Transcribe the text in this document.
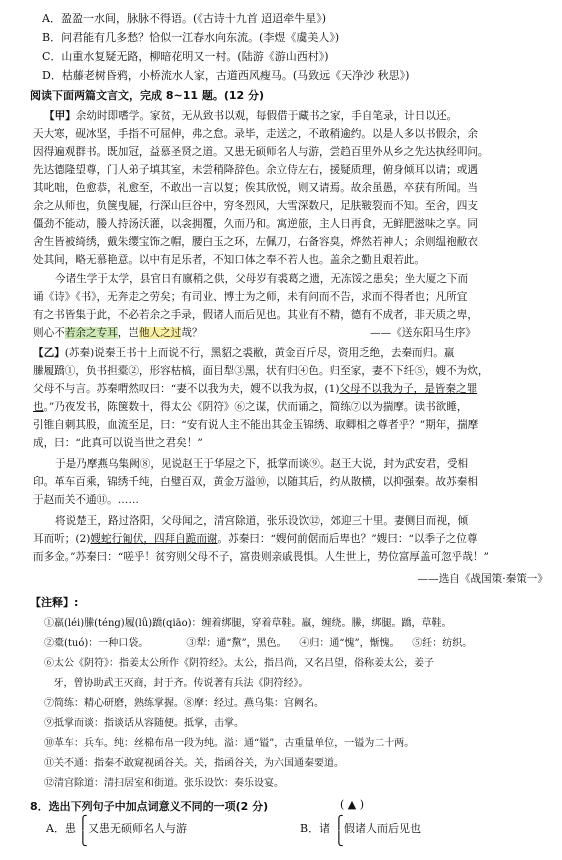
A．盈盈一水间，脉脉不得语。(《古诗十九首 迢迢牵牛星》)
B．问君能有几多愁？恰似一江春水向东流。(李煜《虞美人》)
C．山重水复疑无路，柳暗花明又一村。(陆游《游山西村》)
D．枯藤老树昏鸦，小桥流水人家，古道西风瘦马。(马致远《天净沙 秋思》)
阅读下面两篇文言文，完成 8~11 题。(12 分)
【甲】余幼时即嗜学。家贫，无从致书以观，每假借于藏书之家，手自笔录，计日以还。
天大寒，砚冰坚，手指不可屈伸，弗之怠。录毕，走送之，不敢稍逾约。以是人多以书假余，余
因得遍观群书。既加冠，益慕圣贤之道。又患无硕师名人与游，尝趋百里外从乡之先达执经叩问。
先达德隆望尊，门人弟子填其室，未尝稍降辞色。余立侍左右，援疑质理，俯身倾耳以请；或遇
其叱咄，色愈恭，礼愈至，不敢出一言以复；俟其欣悦，则又请焉。故余虽愚，卒获有所闻。当
余之从师也，负箧曳屣，行深山巨谷中，穷冬烈风，大雪深数尺，足肤皲裂而不知。至舍，四支
僵劲不能动，媵人持汤沃灌，以衾拥覆，久而乃和。寓逆旅，主人日再食，无鲜肥滋味之享。同
舍生皆被绮绣，戴朱缨宝饰之帽，腰白玉之环，左佩刀，右备容臭，烨然若神人；余则缊袍敝衣
处其间，略无慕艳意。以中有足乐者，不知口体之奉不若人也。盖余之勤且艰若此。
今诸生学于太学，县官日有廪稍之供，父母岁有裘葛之遗，无冻馁之患矣；坐大厦之下而
诵《诗》《书》，无奔走之劳矣；有司业、博士为之师，未有问而不告，求而不得者也；凡所宜
有之书皆集于此，不必若余之手录，假诸人而后见也。其业有不精，德有不成者，非天质之卑，
则心不若余之专耳，岂他人之过哉？	——《送东阳马生序》
【乙】(苏秦)说秦王书十上而说不行，黑貂之裘敝，黄金百斤尽，资用乏绝，去秦而归。羸
縢履蹻①，负书担橐②，形容枯槁，面目犁③黑，状有归④色。归至家，妻不下纴⑤，嫂不为炊，
父母不与言。苏秦喟然叹曰：“妻不以我为夫，嫂不以我为叔，(1)父母不以我为子，是皆秦之罪
也。”乃夜发书，陈箧数十，得太公《阴符》⑥之谋，伏而诵之，简练⑦以为揣摩。读书欲睡，
引锥自刺其股，血流至足，曰：“安有说人主不能出其金玉锦绣、取卿相之尊者乎？”期年，揣摩
成，曰：“此真可以说当世之君矣！”
于是乃摩燕乌集阙⑧，见说赵王于华屋之下，抵掌而谈⑨。赵王大说，封为武安君，受相
印。革车百乘，锦绣千纯，白璧百双，黄金万溢⑩，以随其后，约从散横，以抑强秦。故苏秦相
于赵而关不通⑪。……
将说楚王，路过洛阳，父母闻之，清宫除道，张乐设饮⑫，郊迎三十里。妻侧目而视，倾
耳而听；(2)嫂蛇行匍伏，四拜自跪而谢。苏秦曰：“嫂何前倨而后卑也？”嫂曰：“以季子之位尊
而多金。”苏秦曰：“嗟乎！贫穷则父母不子，富贵则亲戚畏惧。人生世上，势位富厚盖可忽乎哉！”
——选自《战国策·秦策一》
【注释】:
①羸(léi)縢(téng)履(lǚ)蹻(qiāo)：缠着绑腿，穿着草鞋。羸，缠绕。縢，绑腿。蹻，草鞋。
②橐(tuó)：一种口袋。            ③犁：通“黧”，黑色。    ④归：通“愧”，惭愧。    ⑤纴：纺织。
⑥太公《阴符》：指姜太公所作《阴符经》。太公，指吕尚，又名吕望，俗称姜太公，姜子
牙，曾协助武王灭商，封于齐。传说著有兵法《阴符经》。
⑦简练：精心研磨，熟练掌握。⑧摩：经过。燕乌集：宫阙名。
⑨抵掌而谈：指谈话从容随便。抵掌，击掌。
⑩革车：兵车。纯：丝棉布帛一段为纯。溢：通“镒”，古重量单位，一镒为二十两。
⑪关不通：指秦不敢窥视函谷关。关，指函谷关，为六国通秦要道。
⑫清宫除道：清扫居室和街道。张乐设饮：奏乐设宴。
8．选出下列句子中加点词意义不同的一项(2 分)	( ▲ )
A．患 ⎧
⎩
又患无硕师名人与游	B．诸 ⎧
⎩
假诸人而后见也
